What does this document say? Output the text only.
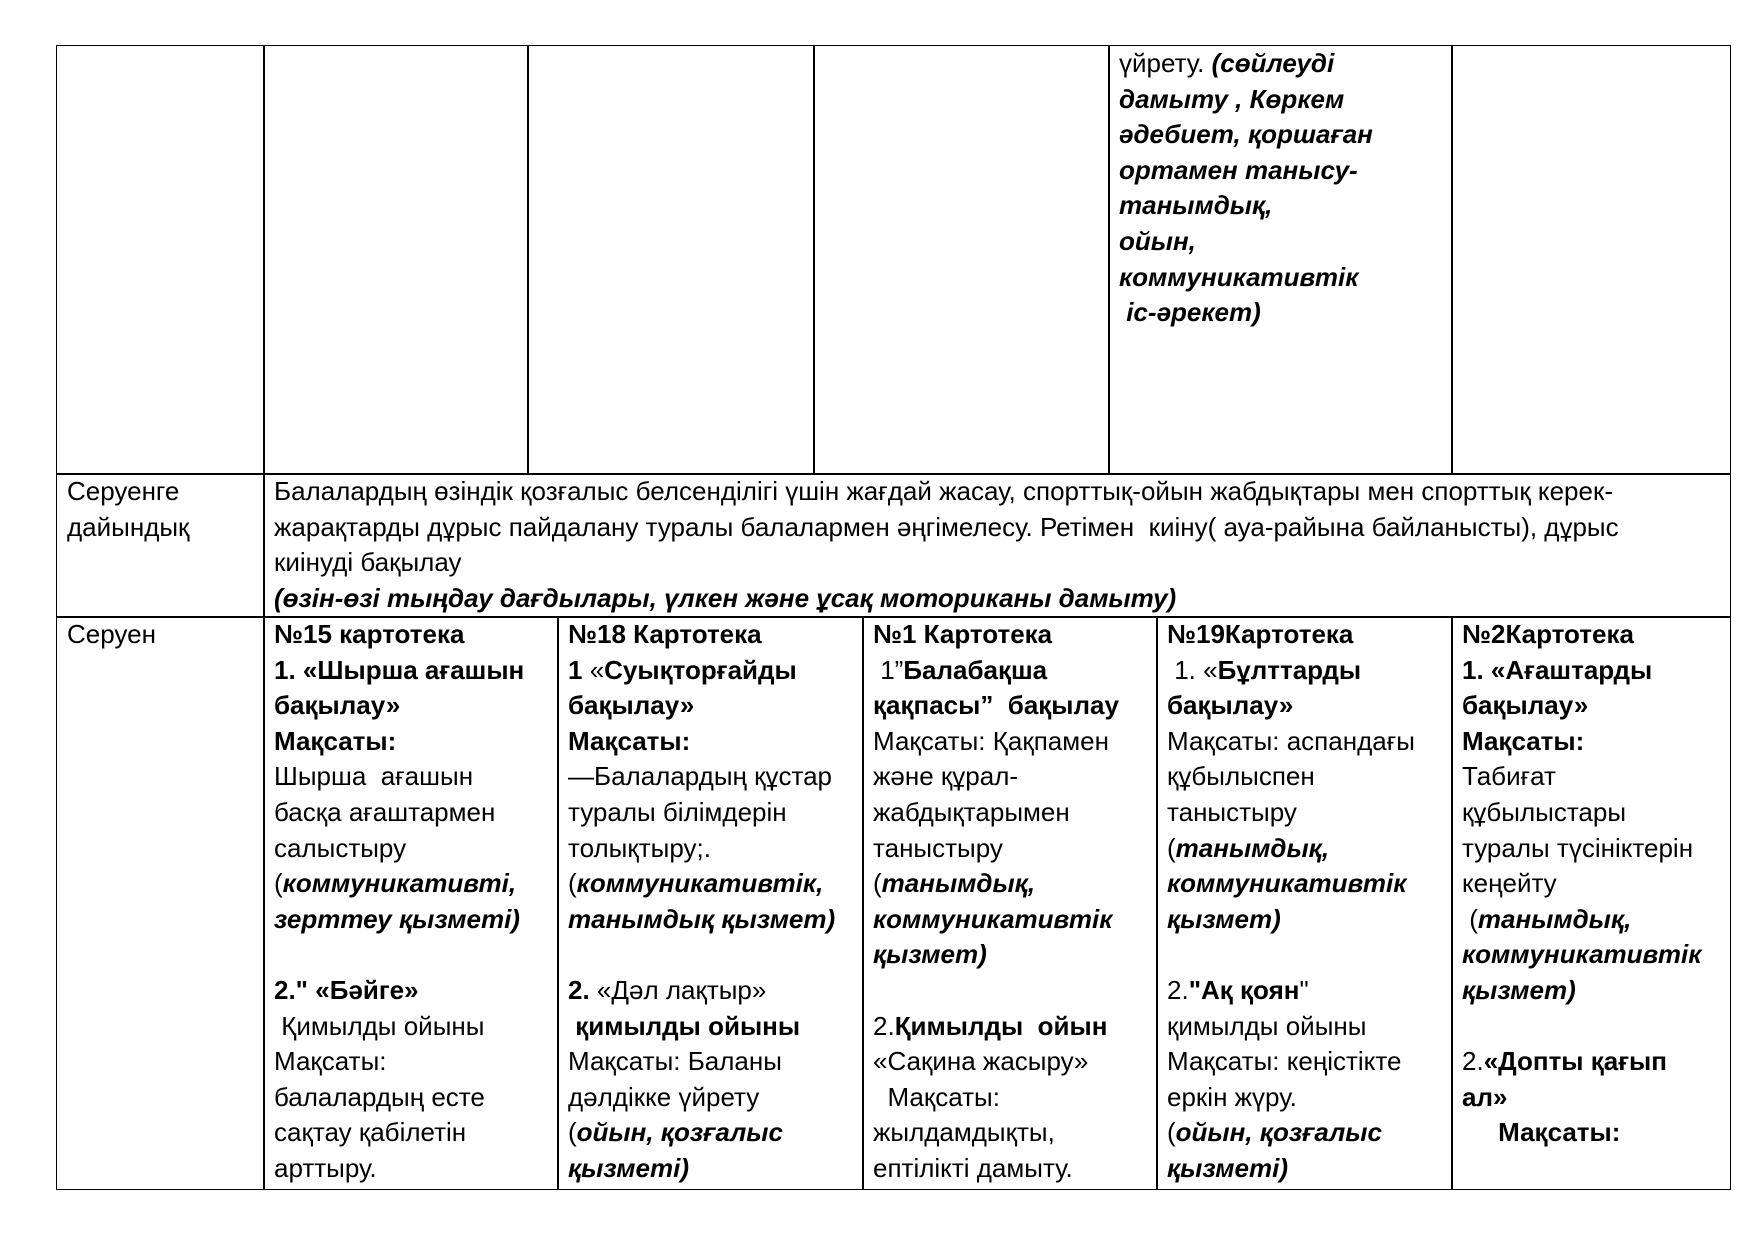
үйрету. (сөйлеуді
дамыту , Көркем
әдебиет, қоршаған
ортамен танысу-
танымдық,
ойын,
коммуникативтік
іс-әрекет)
Серуенге
дайындық
Балалардың өзіндік қозғалыс белсенділігі үшін жағдай жасау, спорттық-ойын жабдықтары мен спорттық керек-
жарақтарды дұрыс пайдалану туралы балалармен әңгімелесу. Ретімен  киіну( ауа-райына байланысты), дұрыс
киінуді бақылау
(өзін-өзі тыңдау дағдылары, үлкен және ұсақ моториканы дамыту)
Серуен	№15 картотека
1. «Шырша ағашын
бақылау»
Мақсаты:
Шырша  ағашын
басқа ағаштармен
салыстыру
(коммуникативті,
зерттеу қызметі)
2." «Бәйге»
Қимылды ойыны
Мақсаты:
балалардың есте
сақтау қабілетін
арттыру.
№18 Картотека
1 «Суықторғайды
бақылау»
Мақсаты:
—Балалардың құстар
туралы білімдерін
толықтыру;.
(коммуникативтік,
танымдық қызмет)
2. «Дәл лақтыр»
қимылды ойыны
Мақсаты: Баланы
дәлдікке үйрету
(ойын, қозғалыс
қызметі)
№1 Картотека
1”Балабақша
қақпасы”  бақылау
Мақсаты: Қақпамен
және құрал-
жабдықтарымен
таныстыру
(танымдық,
коммуникативтік
қызмет)
2.Қимылды  ойын
«Сақина жасыру»
Мақсаты:
жылдамдықты,
ептілікті дамыту.
№19Картотека
1. «Бұлттарды
бақылау»
Мақсаты: аспандағы
құбылыспен
таныстыру
(танымдық,
коммуникативтік
қызмет)
2."Ақ қоян"
қимылды ойыны
Мақсаты: кеңістікте
еркін жүру.
(ойын, қозғалыс
қызметі)
№2Картотека
1. «Ағаштарды
бақылау»
Мақсаты:
Табиғат
құбылыстары
туралы түсініктерін
кеңейту
(танымдық,
коммуникативтік
қызмет)
2.«Допты қағып
ал»
Мақсаты:
